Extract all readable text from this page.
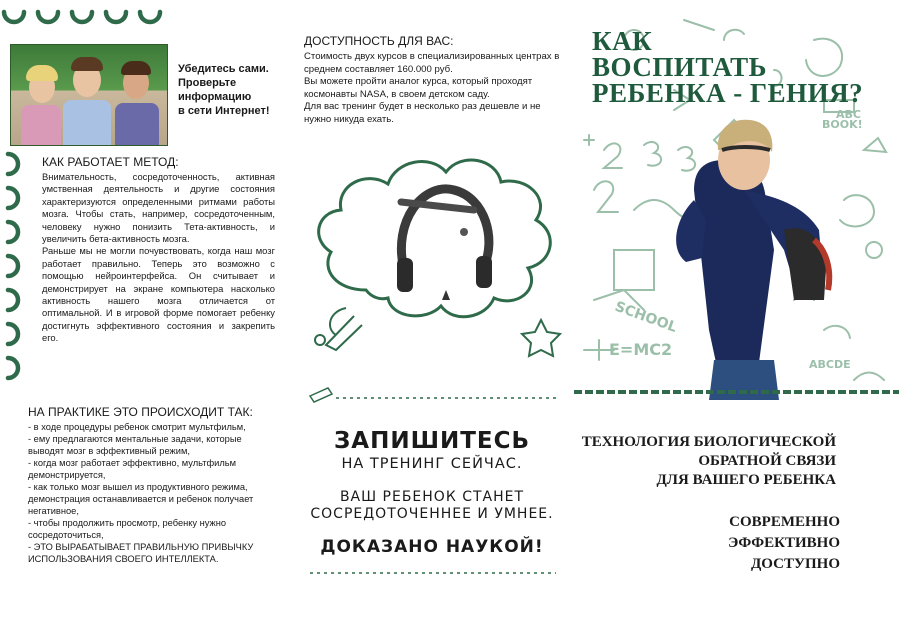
Убедитесь сами.
Проверьте
информацию
в сети Интернет!
КАК РАБОТАЕТ МЕТОД:

Внимательность, сосредоточенность, активная умственная деятельность и другие состояния характеризуются определенными ритмами работы мозга. Чтобы стать, например, сосредоточенным, человеку нужно понизить Тета-активность, и увеличить бета-активность мозга.

Раньше мы не могли почувствовать, когда наш мозг работает правильно. Теперь это возможно с помощью нейроинтерфейса. Он считывает и демонстрирует на экране компьютера насколько активность нашего мозга отличается от оптимальной. И в игровой форме помогает ребенку достигнуть эффективного состояния и закрепить его.

НА ПРАКТИКЕ ЭТО ПРОИСХОДИТ ТАК:
- в ходе процедуры ребенок смотрит мультфильм,
- ему предлагаются ментальные задачи, которые выводят мозг в эффективный режим,
- когда мозг работает эффективно, мультфильм демонстрируется,
- как только мозг вышел из продуктивного режима, демонстрация останавливается и ребенок получает негативное,
- чтобы продолжить просмотр, ребенку нужно сосредоточиться,
- ЭТО ВЫРАБАТЫВАЕТ ПРАВИЛЬНУЮ ПРИВЫЧКУ ИСПОЛЬЗОВАНИЯ СВОЕГО ИНТЕЛЛЕКТА.
ДОСТУПНОСТЬ ДЛЯ ВАС:

Стоимость двух курсов в специализированных центрах в среднем составляет 160.000 руб.

Вы можете пройти аналог курса, который проходят космонавты NASA, в своем детском саду.

Для вас тренинг будет в несколько раз дешевле и не нужно никуда ехать.

ЗАПИШИТЕСЬ
НА ТРЕНИНГ СЕЙЧАС.
ВАШ РЕБЕНОК СТАНЕТ
СОСРЕДОТОЧЕННЕЕ И УМНЕЕ.
ДОКАЗАНО НАУКОЙ!
BOOK!
SCHOOL
E=MC2
ABC
ABCDE
КАК
ВОСПИТАТЬ
РЕБЕНКА - ГЕНИЯ?
ТЕХНОЛОГИЯ БИОЛОГИЧЕСКОЙ
ОБРАТНОЙ СВЯЗИ
ДЛЯ ВАШЕГО РЕБЕНКА
СОВРЕМЕННО
ЭФФЕКТИВНО
ДОСТУПНО
